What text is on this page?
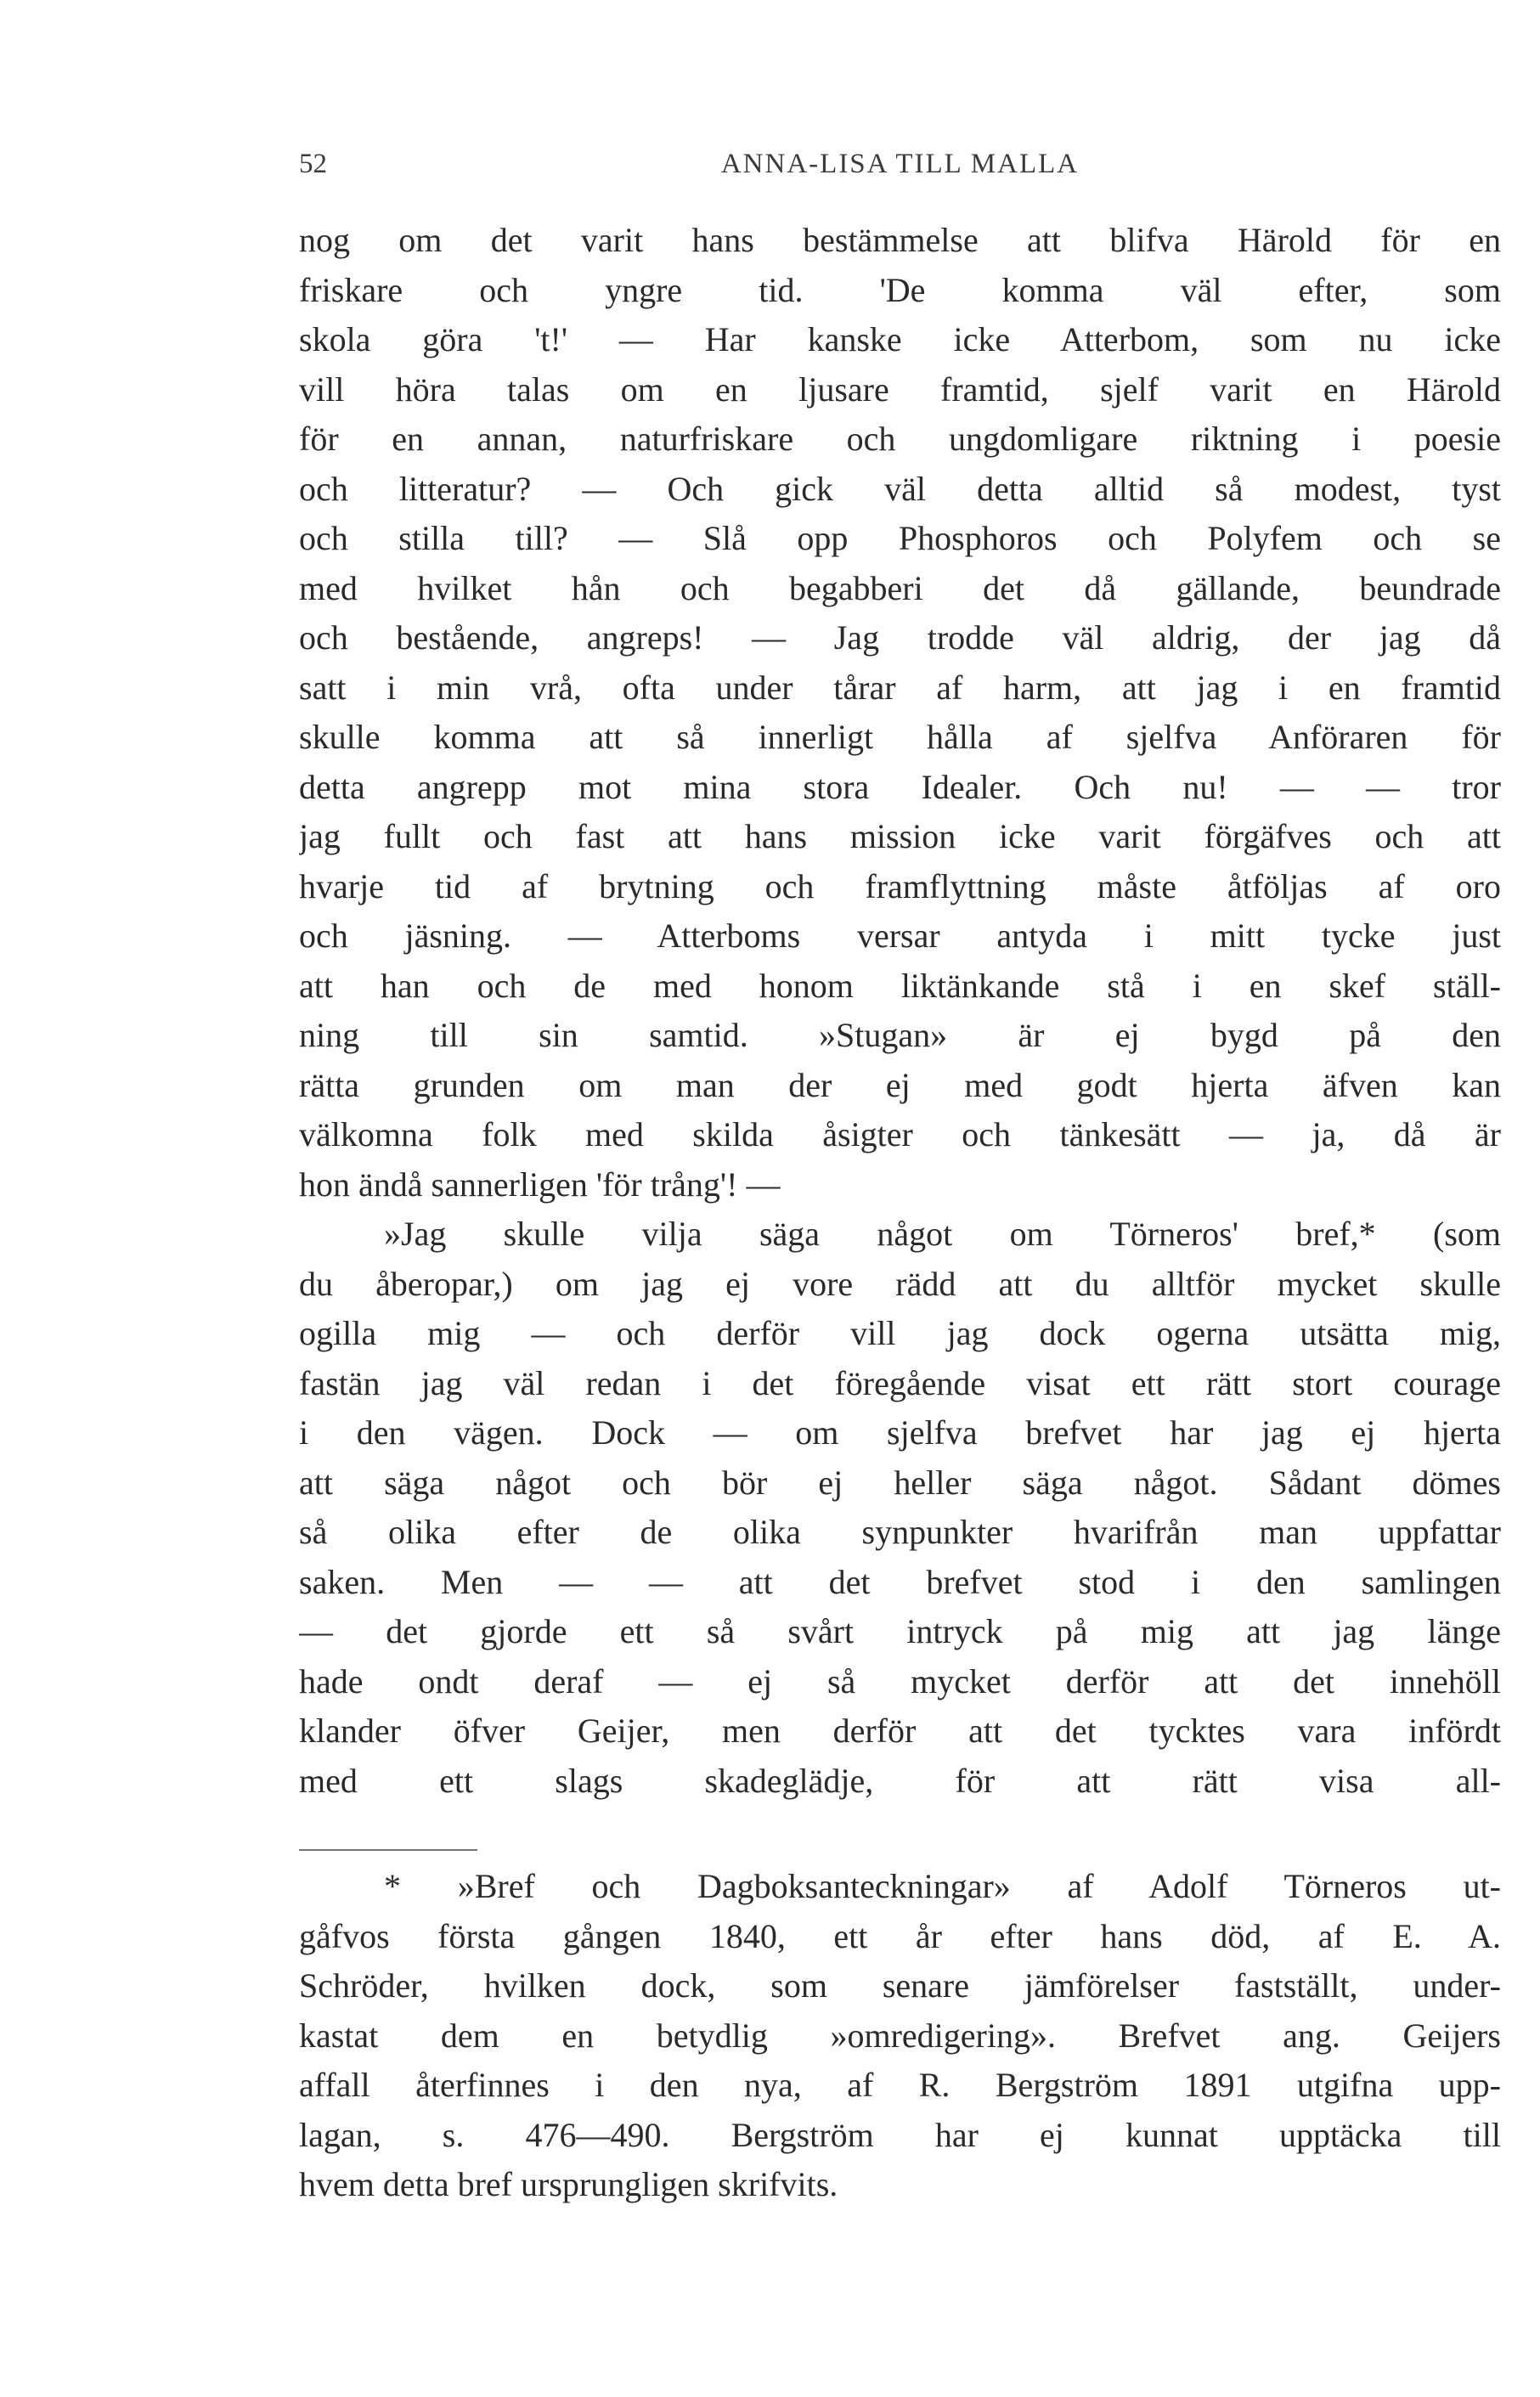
52	ANNA-LISA TILL MALLA
nog om det varit hans bestämmelse att blifva Härold för en
friskare och yngre tid. 'De komma väl efter, som
skola göra 't!' — Har kanske icke Atterbom, som nu icke
vill höra talas om en ljusare framtid, sjelf varit en Härold
för en annan, naturfriskare och ungdomligare riktning i poesie
och litteratur? — Och gick väl detta alltid så modest, tyst
och stilla till? — Slå opp Phosphoros och Polyfem och se
med hvilket hån och begabberi det då gällande, beundrade
och bestående, angreps! — Jag trodde väl aldrig, der jag då
satt i min vrå, ofta under tårar af harm, att jag i en framtid
skulle komma att så innerligt hålla af sjelfva Anföraren för
detta angrepp mot mina stora Idealer. Och nu! — — tror
jag fullt och fast att hans mission icke varit förgäfves och att
hvarje tid af brytning och framflyttning måste åtföljas af oro
och jäsning. — Atterboms versar antyda i mitt tycke just
att han och de med honom liktänkande stå i en skef ställ-
ning till sin samtid. »Stugan» är ej bygd på den
rätta grunden om man der ej med godt hjerta äfven kan
välkomna folk med skilda åsigter och tänkesätt — ja, då är
hon ändå sannerligen 'för trång'! —
»Jag skulle vilja säga något om Törneros' bref,* (som
du åberopar,) om jag ej vore rädd att du alltför mycket skulle
ogilla mig — och derför vill jag dock ogerna utsätta mig,
fastän jag väl redan i det föregående visat ett rätt stort courage
i den vägen. Dock — om sjelfva brefvet har jag ej hjerta
att säga något och bör ej heller säga något. Sådant dömes
så olika efter de olika synpunkter hvarifrån man uppfattar
saken. Men — — att det brefvet stod i den samlingen
— det gjorde ett så svårt intryck på mig att jag länge
hade ondt deraf — ej så mycket derför att det innehöll
klander öfver Geijer, men derför att det tycktes vara infördt
med ett slags skadeglädje, för att rätt visa all-
* »Bref och Dagboksanteckningar» af Adolf Törneros ut-
gåfvos första gången 1840, ett år efter hans död, af E. A.
Schröder, hvilken dock, som senare jämförelser fastställt, under-
kastat dem en betydlig »omredigering». Brefvet ang. Geijers
affall återfinnes i den nya, af R. Bergström 1891 utgifna upp-
lagan, s. 476—490. Bergström har ej kunnat upptäcka till
hvem detta bref ursprungligen skrifvits.
